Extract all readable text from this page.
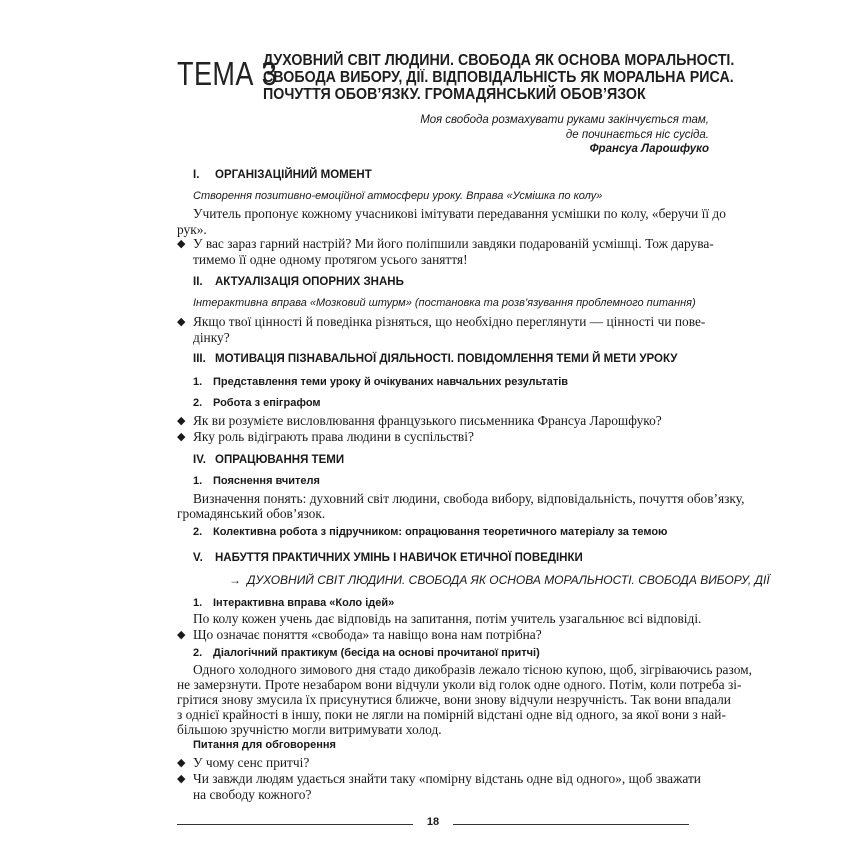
ТЕМА 3
ДУХОВНИЙ СВІТ ЛЮДИНИ. СВОБОДА ЯК ОСНОВА МОРАЛЬНОСТІ.
СВОБОДА ВИБОРУ, ДІЇ. ВІДПОВІДАЛЬНІСТЬ ЯК МОРАЛЬНА РИСА.
ПОЧУТТЯ ОБОВ’ЯЗКУ. ГРОМАДЯНСЬКИЙ ОБОВ’ЯЗОК
Моя свобода розмахувати руками закінчується там,
де починається ніс сусіда.
Франсуа Ларошфуко
I. ОРГАНІЗАЦІЙНИЙ МОМЕНТ
Створення позитивно-емоційної атмосфери уроку. Вправа «Усмішка по колу»
Учитель пропонує кожному учасникові імітувати передавання усмішки по колу, «беручи її до
рук».
◆ У вас зараз гарний настрій? Ми його поліпшили завдяки подарованій усмішці. Тож дарува-
тимемо її одне одному протягом усього заняття!
II. АКТУАЛІЗАЦІЯ ОПОРНИХ ЗНАНЬ
Інтерактивна вправа «Мозковий штурм» (постановка та розв’язування проблемного питання)
◆ Якщо твої цінності й поведінка різняться, що необхідно переглянути — цінності чи пове-
дінку?
III. МОТИВАЦІЯ ПІЗНАВАЛЬНОЇ ДІЯЛЬНОСТІ. ПОВІДОМЛЕННЯ ТЕМИ Й МЕТИ УРОКУ
1. Представлення теми уроку й очікуваних навчальних результатів
2. Робота з епіграфом
◆ Як ви розумієте висловлювання французького письменника Франсуа Ларошфуко?
◆ Яку роль відіграють права людини в суспільстві?
IV. ОПРАЦЮВАННЯ ТЕМИ
1. Пояснення вчителя
Визначення понять: духовний світ людини, свобода вибору, відповідальність, почуття обов’язку,
громадянський обов’язок.
2. Колективна робота з підручником: опрацювання теоретичного матеріалу за темою
V. НАБУТТЯ ПРАКТИЧНИХ УМІНЬ І НАВИЧОК ЕТИЧНОЇ ПОВЕДІНКИ
→ ДУХОВНИЙ СВІТ ЛЮДИНИ. СВОБОДА ЯК ОСНОВА МОРАЛЬНОСТІ. СВОБОДА ВИБОРУ, ДІЇ
1. Інтерактивна вправа «Коло ідей»
По колу кожен учень дає відповідь на запитання, потім учитель узагальнює всі відповіді.
◆ Що означає поняття «свобода» та навіщо вона нам потрібна?
2. Діалогічний практикум (бесіда на основі прочитаної притчі)
Одного холодного зимового дня стадо дикобразів лежало тісною купою, щоб, зігріваючись разом,
не замерзнути. Проте незабаром вони відчули уколи від голок одне одного. Потім, коли потреба зі-
грітися знову змусила їх присунутися ближче, вони знову відчули незручність. Так вони впадали
з однієї крайності в іншу, поки не лягли на помірній відстані одне від одного, за якої вони з най-
більшою зручністю могли витримувати холод.
Питання для обговорення
◆ У чому сенс притчі?
◆ Чи завжди людям удається знайти таку «помірну відстань одне від одного», щоб зважати
на свободу кожного?
18
